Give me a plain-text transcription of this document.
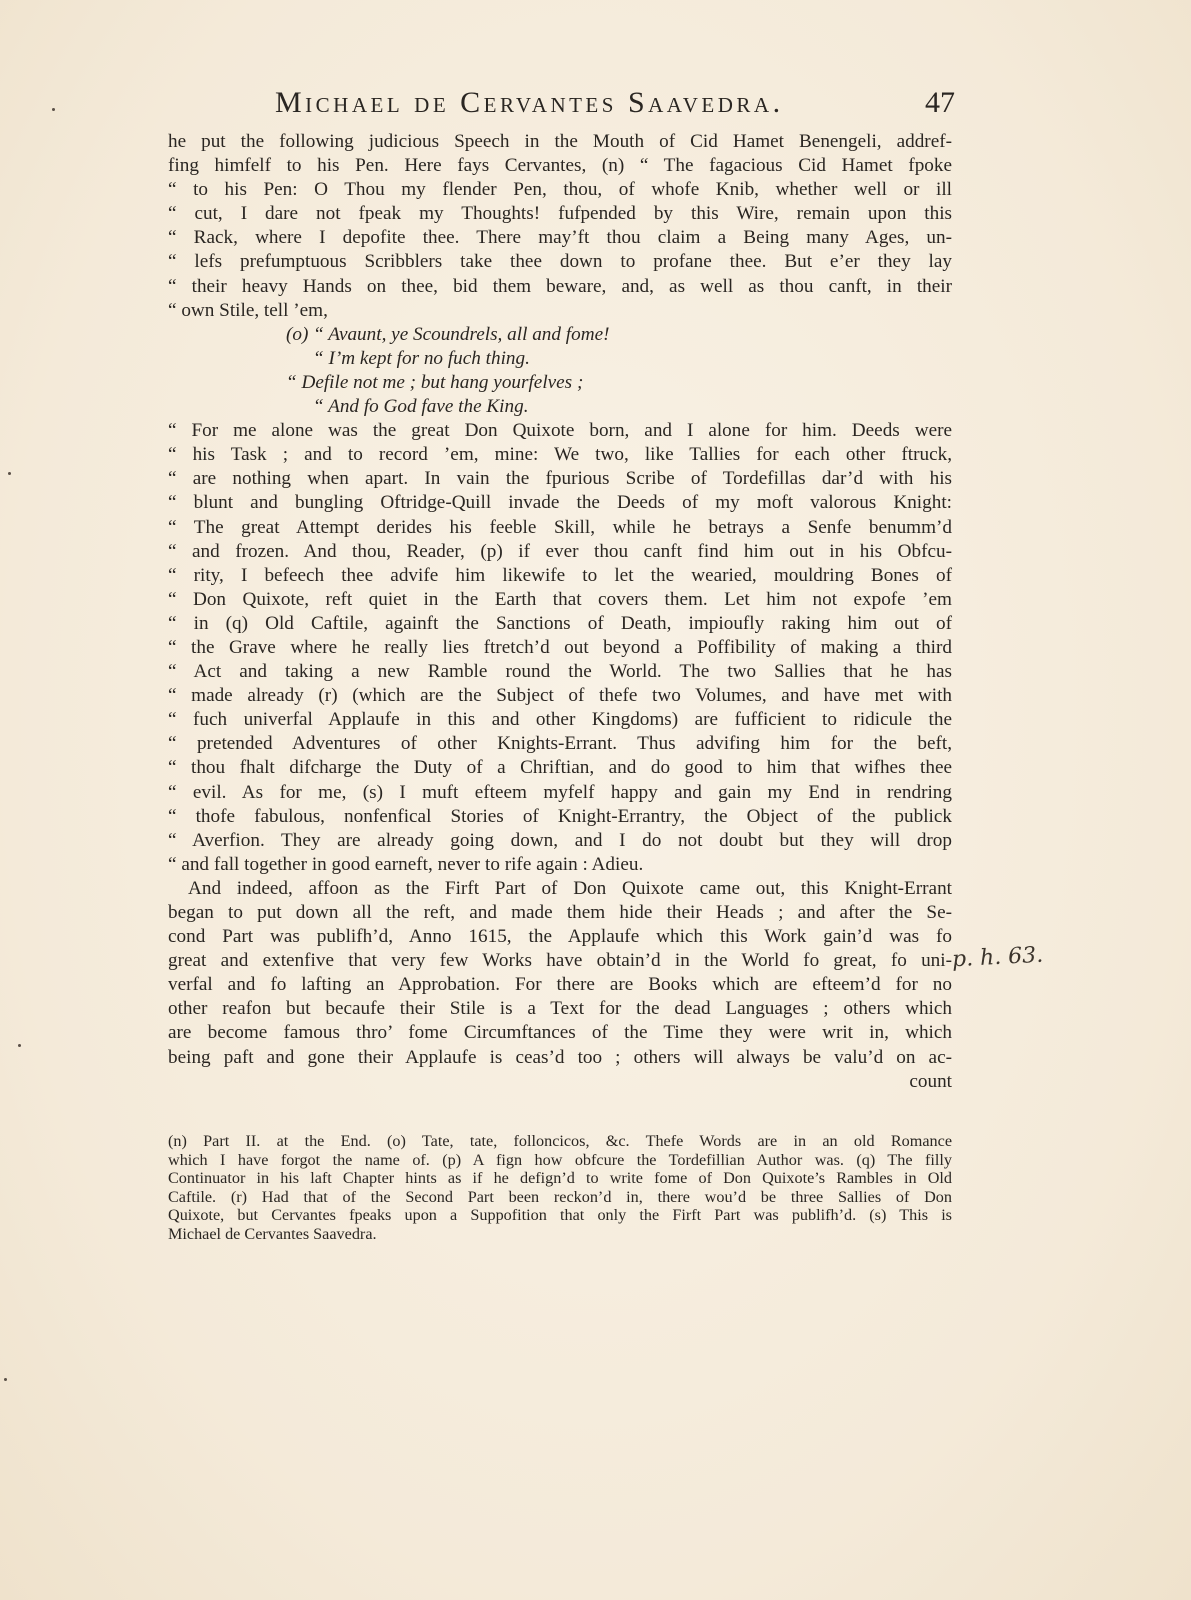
Michael de Cervantes Saavedra.	47
he put the following judicious Speech in the Mouth of Cid Hamet Benengeli, addref-
fing himfelf to his Pen. Here fays Cervantes, (n) “ The fagacious Cid Hamet fpoke
“ to his Pen: O Thou my flender Pen, thou, of whofe Knib, whether well or ill
“ cut, I dare not fpeak my Thoughts! fufpended by this Wire, remain upon this
“ Rack, where I depofite thee. There may’ft thou claim a Being many Ages, un-
“ lefs prefumptuous Scribblers take thee down to profane thee. But e’er they lay
“ their heavy Hands on thee, bid them beware, and, as well as thou canft, in their
“ own Stile, tell ’em,
(o) “ Avaunt, ye Scoundrels, all and fome!
“ I’m kept for no fuch thing.
“ Defile not me ; but hang yourfelves ;
“ And fo God fave the King.
“ For me alone was the great Don Quixote born, and I alone for him. Deeds were
“ his Task ; and to record ’em, mine: We two, like Tallies for each other ftruck,
“ are nothing when apart. In vain the fpurious Scribe of Tordefillas dar’d with his
“ blunt and bungling Oftridge-Quill invade the Deeds of my moft valorous Knight:
“ The great Attempt derides his feeble Skill, while he betrays a Senfe benumm’d
“ and frozen. And thou, Reader, (p) if ever thou canft find him out in his Obfcu-
“ rity, I befeech thee advife him likewife to let the wearied, mouldring Bones of
“ Don Quixote, reft quiet in the Earth that covers them. Let him not expofe ’em
“ in (q) Old Caftile, againft the Sanctions of Death, impioufly raking him out of
“ the Grave where he really lies ftretch’d out beyond a Poffibility of making a third
“ Act and taking a new Ramble round the World. The two Sallies that he has
“ made already (r) (which are the Subject of thefe two Volumes, and have met with
“ fuch univerfal Applaufe in this and other Kingdoms) are fufficient to ridicule the
“ pretended Adventures of other Knights-Errant. Thus advifing him for the beft,
“ thou fhalt difcharge the Duty of a Chriftian, and do good to him that wifhes thee
“ evil. As for me, (s) I muft efteem myfelf happy and gain my End in rendring
“ thofe fabulous, nonfenfical Stories of Knight-Errantry, the Object of the publick
“ Averfion. They are already going down, and I do not doubt but they will drop
“ and fall together in good earneft, never to rife again : Adieu.
And indeed, affoon as the Firft Part of Don Quixote came out, this Knight-Errant
began to put down all the reft, and made them hide their Heads ; and after the Se-
cond Part was publifh’d, Anno 1615, the Applaufe which this Work gain’d was fo
great and extenfive that very few Works have obtain’d in the World fo great, fo uni-
verfal and fo lafting an Approbation. For there are Books which are efteem’d for no
other reafon but becaufe their Stile is a Text for the dead Languages ; others which
are become famous thro’ fome Circumftances of the Time they were writ in, which
being paft and gone their Applaufe is ceas’d too ; others will always be valu’d on ac-
count
p. h. 63.
(n) Part II. at the End. (o) Tate, tate, folloncicos, &c. Thefe Words are in an old Romance
which I have forgot the name of. (p) A fign how obfcure the Tordefillian Author was. (q) The filly
Continuator in his laft Chapter hints as if he defign’d to write fome of Don Quixote’s Rambles in Old
Caftile. (r) Had that of the Second Part been reckon’d in, there wou’d be three Sallies of Don
Quixote, but Cervantes fpeaks upon a Suppofition that only the Firft Part was publifh’d. (s) This is
Michael de Cervantes Saavedra.
